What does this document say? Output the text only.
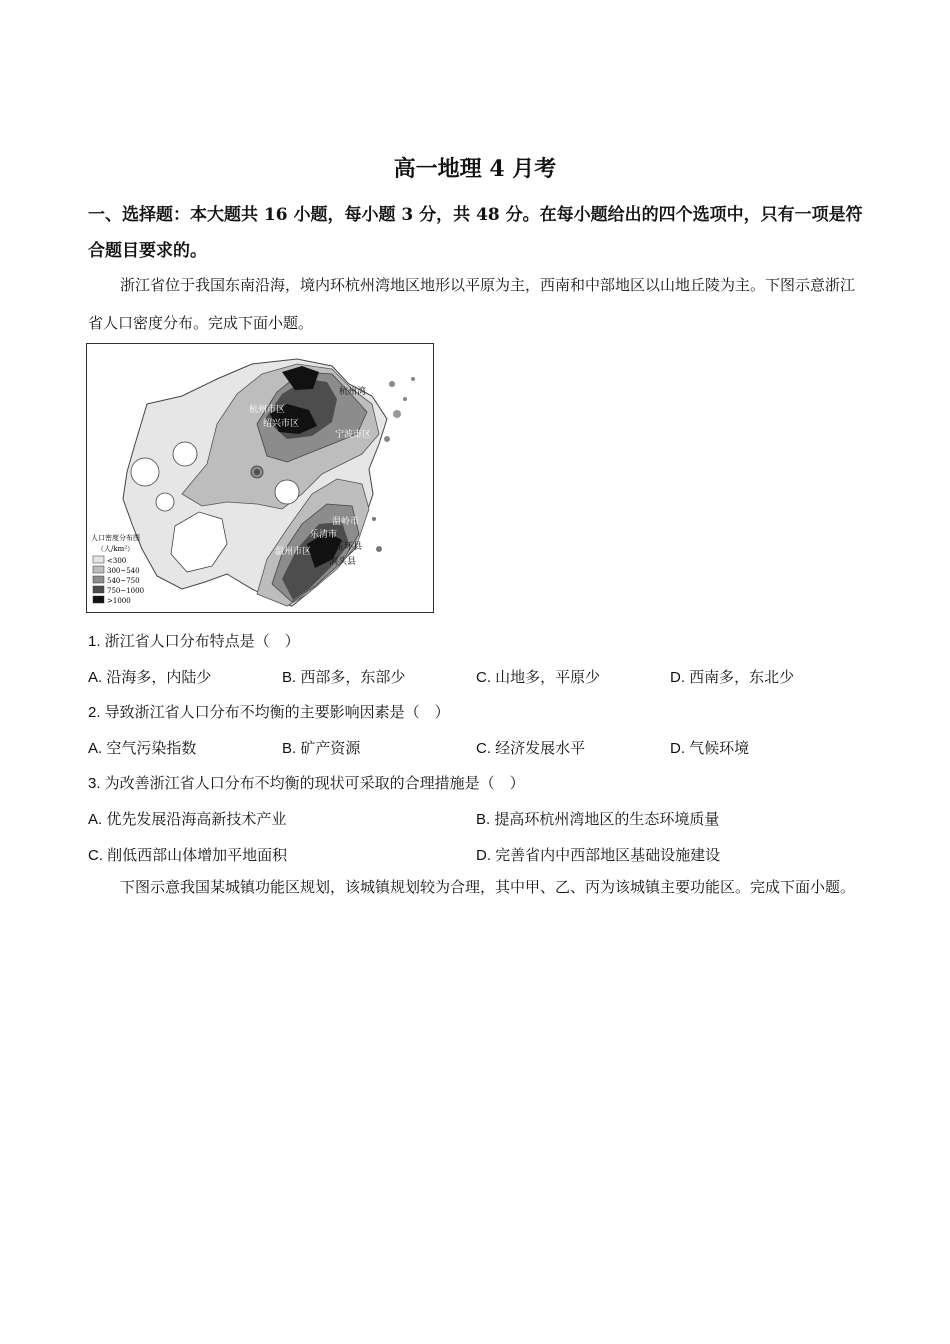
高一地理 4 月考
一、选择题：本大题共 16 小题，每小题 3 分，共 48 分。在每小题给出的四个选项中，只有一项是符合题目要求的。
浙江省位于我国东南沿海，境内环杭州湾地区地形以平原为主，西南和中部地区以山地丘陵为主。下图示意浙江省人口密度分布。完成下面小题。
杭州湾
杭州市区
绍兴市区
宁波市区
温岭市
乐清市
温州市区	玉环县
洞头县
人口密度分布图
（人/km²）
<300
300~540
540~750
750~1000
>1000
1. 浙江省人口分布特点是（　）
A. 沿海多，内陆少	B. 西部多，东部少	C. 山地多，平原少	D. 西南多，东北少
2. 导致浙江省人口分布不均衡的主要影响因素是（　）
A. 空气污染指数	B. 矿产资源	C. 经济发展水平	D. 气候环境
3. 为改善浙江省人口分布不均衡的现状可采取的合理措施是（　）
A. 优先发展沿海高新技术产业	B. 提高环杭州湾地区的生态环境质量
C. 削低西部山体增加平地面积	D. 完善省内中西部地区基础设施建设
下图示意我国某城镇功能区规划，该城镇规划较为合理，其中甲、乙、丙为该城镇主要功能区。完成下面小题。
